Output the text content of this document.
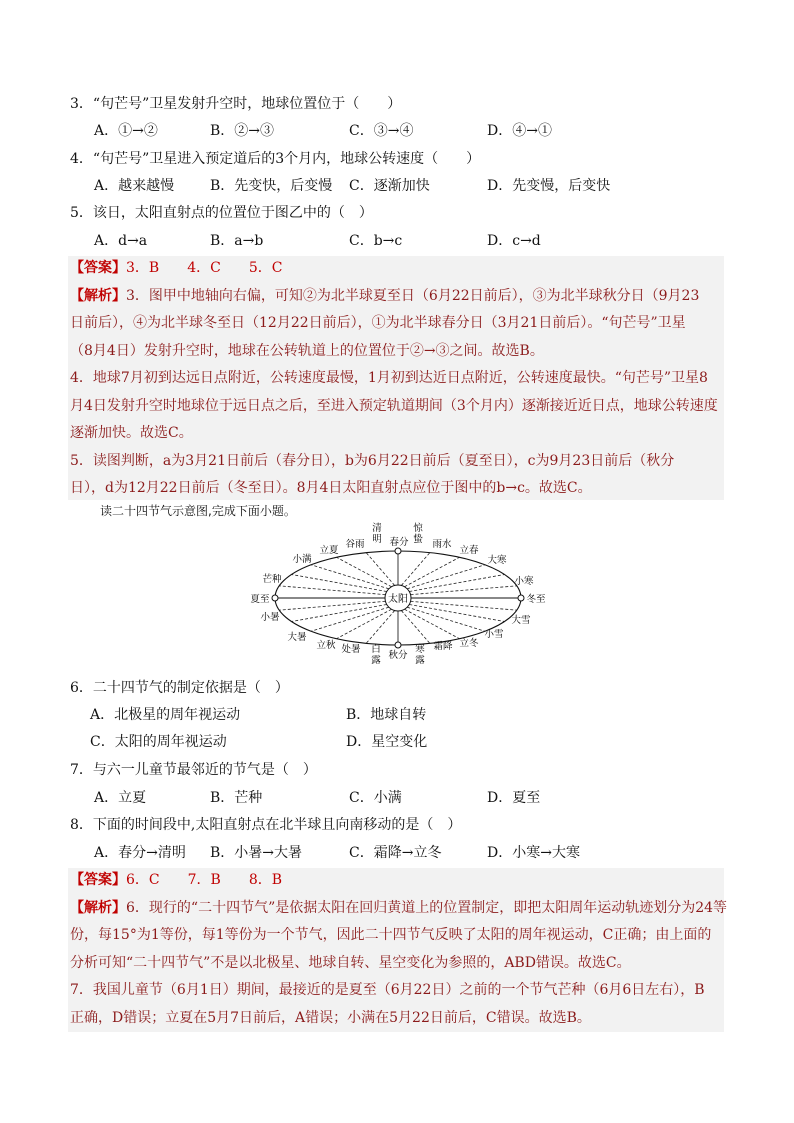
3．“句芒号”卫星发射升空时，地球位置位于（　　）
A．①→②	B．②→③	C．③→④	D．④→①
4．“句芒号”卫星进入预定道后的3个月内，地球公转速度（　　）
A．越来越慢	B．先变快，后变慢 C．逐渐加快	D．先变慢，后变快
5．该日，太阳直射点的位置位于图乙中的（　）
A．d→a	B．a→b	C．b→c	D．c→d
【答案】3．B　　4．C　　5．C
【解析】3．图甲中地轴向右偏，可知②为北半球夏至日（6月22日前后），③为北半球秋分日（9月23
日前后），④为北半球冬至日（12月22日前后），①为北半球春分日（3月21日前后）。“句芒号”卫星
（8月4日）发射升空时，地球在公转轨道上的位置位于②→③之间。故选B。
4．地球7月初到达远日点附近，公转速度最慢，1月初到达近日点附近，公转速度最快。“句芒号”卫星8
月4日发射升空时地球位于远日点之后，至进入预定轨道期间（3个月内）逐渐接近近日点，地球公转速度
逐渐加快。故选C。
5．读图判断，a为3月21日前后（春分日），b为6月22日前后（夏至日），c为9月23日前后（秋分
日），d为12月22日前后（冬至日）。8月4日太阳直射点应位于图中的b→c。故选C。
读二十四节气示意图,完成下面小题。
太阳
小满
立夏
谷雨
清明 春分
惊蛰 雨水
立春
大寒
小寒
芒种
夏至	冬至
小暑
大暑
立秋 处暑 白露 秋分
寒露
霜降 立冬
小雪
大雪
6．二十四节气的制定依据是（　）
A．北极星的周年视运动	B．地球自转
C．太阳的周年视运动	D．星空变化
7．与六一儿童节最邻近的节气是（　）
A．立夏	B．芒种	C．小满	D．夏至
8．下面的时间段中,太阳直射点在北半球且向南移动的是（　）
A．春分→清明 B．小暑→大暑	C．霜降→立冬	D．小寒→大寒
【答案】6．C　　7．B　　8．B
【解析】6．现行的“二十四节气”是依据太阳在回归黄道上的位置制定，即把太阳周年运动轨迹划分为24等
份，每15°为1等份，每1等份为一个节气，因此二十四节气反映了太阳的周年视运动，C正确；由上面的
分析可知“二十四节气”不是以北极星、地球自转、星空变化为参照的，ABD错误。故选C。
7．我国儿童节（6月1日）期间，最接近的是夏至（6月22日）之前的一个节气芒种（6月6日左右），B
正确，D错误；立夏在5月7日前后，A错误；小满在5月22日前后，C错误。故选B。
